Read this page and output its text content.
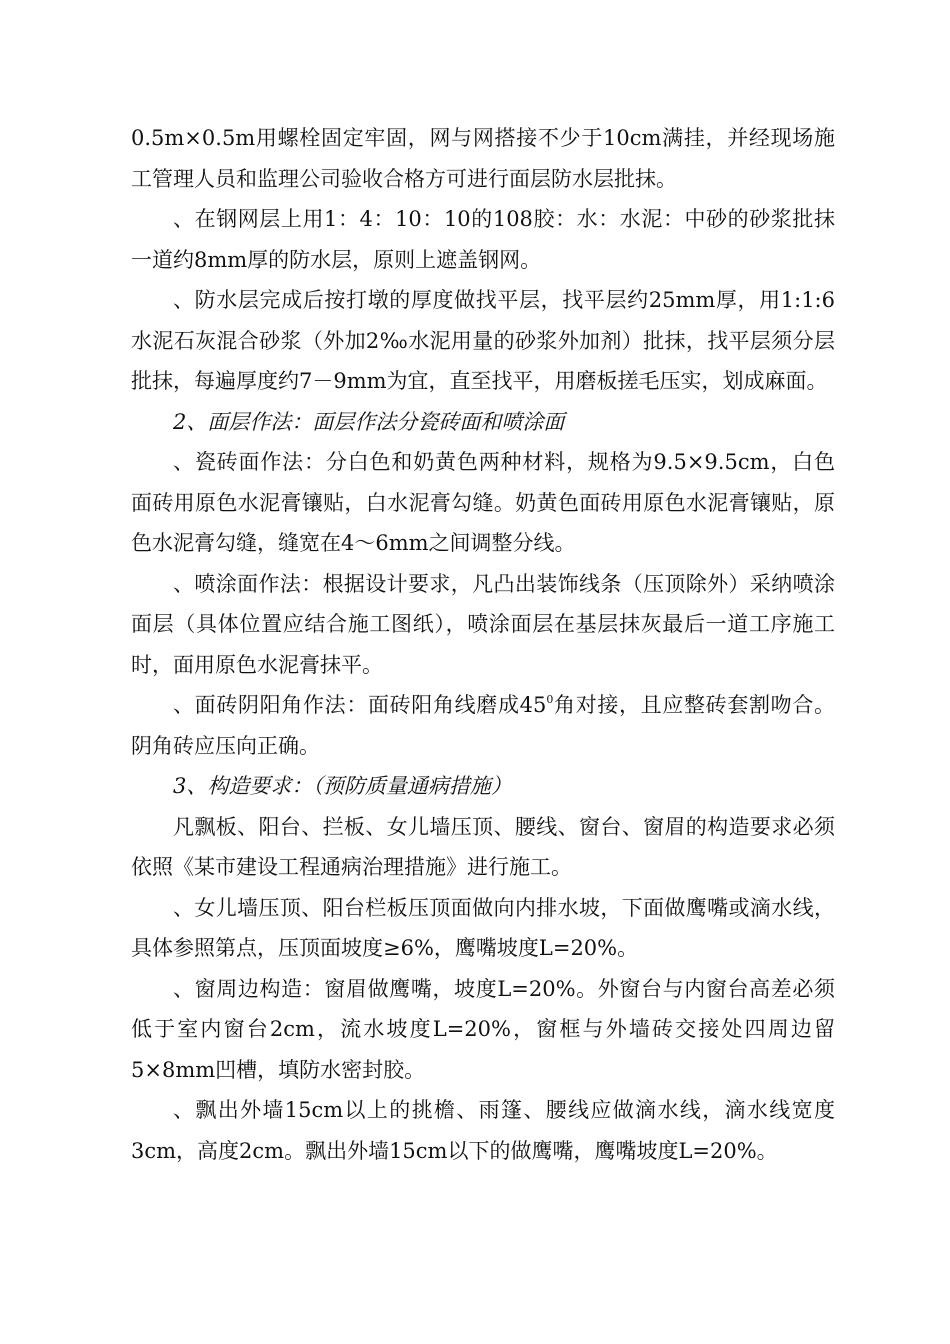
0.5m×0.5m用螺栓固定牢固，网与网搭接不少于10cm满挂，并经现场施工管理人员和监理公司验收合格方可进行面层防水层批抹。

、在钢网层上用1：4：10：10的108胶：水：水泥：中砂的砂浆批抹一道约8mm厚的防水层，原则上遮盖钢网。

、防水层完成后按打墩的厚度做找平层，找平层约25mm厚，用1:1:6水泥石灰混合砂浆（外加2‰水泥用量的砂浆外加剂）批抹，找平层须分层批抹，每遍厚度约7－9mm为宜，直至找平，用磨板搓毛压实，划成麻面。

2、面层作法：面层作法分瓷砖面和喷涂面

、瓷砖面作法：分白色和奶黄色两种材料，规格为9.5×9.5cm，白色面砖用原色水泥膏镶贴，白水泥膏勾缝。奶黄色面砖用原色水泥膏镶贴，原色水泥膏勾缝，缝宽在4～6mm之间调整分线。

、喷涂面作法：根据设计要求，凡凸出装饰线条（压顶除外）采纳喷涂面层（具体位置应结合施工图纸），喷涂面层在基层抹灰最后一道工序施工时，面用原色水泥膏抹平。

、面砖阴阳角作法：面砖阳角线磨成$45^0$角对接，且应整砖套割吻合。阴角砖应压向正确。

3、构造要求：（预防质量通病措施）

凡飘板、阳台、拦板、女儿墙压顶、腰线、窗台、窗眉的构造要求必须依照《某市建设工程通病治理措施》进行施工。

、女儿墙压顶、阳台栏板压顶面做向内排水坡，下面做鹰嘴或滴水线，具体参照第点，压顶面坡度≥6%，鹰嘴坡度L=20%。

、窗周边构造：窗眉做鹰嘴，坡度L=20%。外窗台与内窗台高差必须低于室内窗台2cm，流水坡度L=20%，窗框与外墙砖交接处四周边留5×8mm凹槽，填防水密封胶。

、飘出外墙15cm以上的挑檐、雨篷、腰线应做滴水线，滴水线宽度3cm，高度2cm。飘出外墙15cm以下的做鹰嘴，鹰嘴坡度L=20%。
